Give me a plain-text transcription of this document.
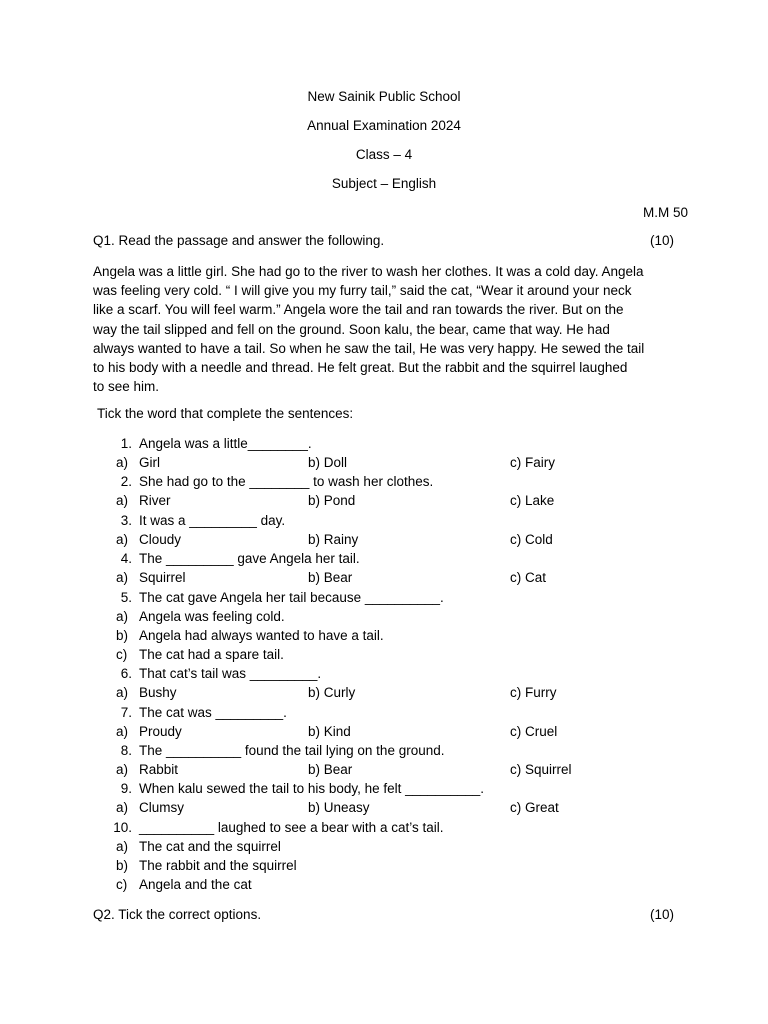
New Sainik Public School
Annual Examination 2024
Class – 4
Subject – English
M.M 50
Q1. Read the passage and answer the following.	(10)
Angela was a little girl. She had go to the river to wash her clothes. It was a cold day. Angela
was feeling very cold. “ I will give you my furry tail,” said the cat, “Wear it around your neck
like a scarf. You will feel warm.” Angela wore the tail and ran towards the river. But on the
way the tail slipped and fell on the ground. Soon kalu, the bear, came that way. He had
always wanted to have a tail. So when he saw the tail, He was very happy. He sewed the tail
to his body with a needle and thread. He felt great. But the rabbit and the squirrel laughed
to see him.
Tick the word that complete the sentences:
1. Angela was a little________.
a) Girl	b) Doll	c) Fairy
2. She had go to the ________ to wash her clothes.
a) River	b) Pond	c) Lake
3. It was a _________ day.
a) Cloudy	b) Rainy	c) Cold
4. The _________ gave Angela her tail.
a) Squirrel	b) Bear	c) Cat
5. The cat gave Angela her tail because __________.
a) Angela was feeling cold.
b) Angela had always wanted to have a tail.
c) The cat had a spare tail.
6. That cat’s tail was _________.
a) Bushy	b) Curly	c) Furry
7. The cat was _________.
a) Proudy	b) Kind	c) Cruel
8. The __________ found the tail lying on the ground.
a) Rabbit	b) Bear	c) Squirrel
9. When kalu sewed the tail to his body, he felt __________.
a) Clumsy	b) Uneasy	c) Great
10. __________ laughed to see a bear with a cat’s tail.
a) The cat and the squirrel
b) The rabbit and the squirrel
c) Angela and the cat
Q2. Tick the correct options.	(10)
